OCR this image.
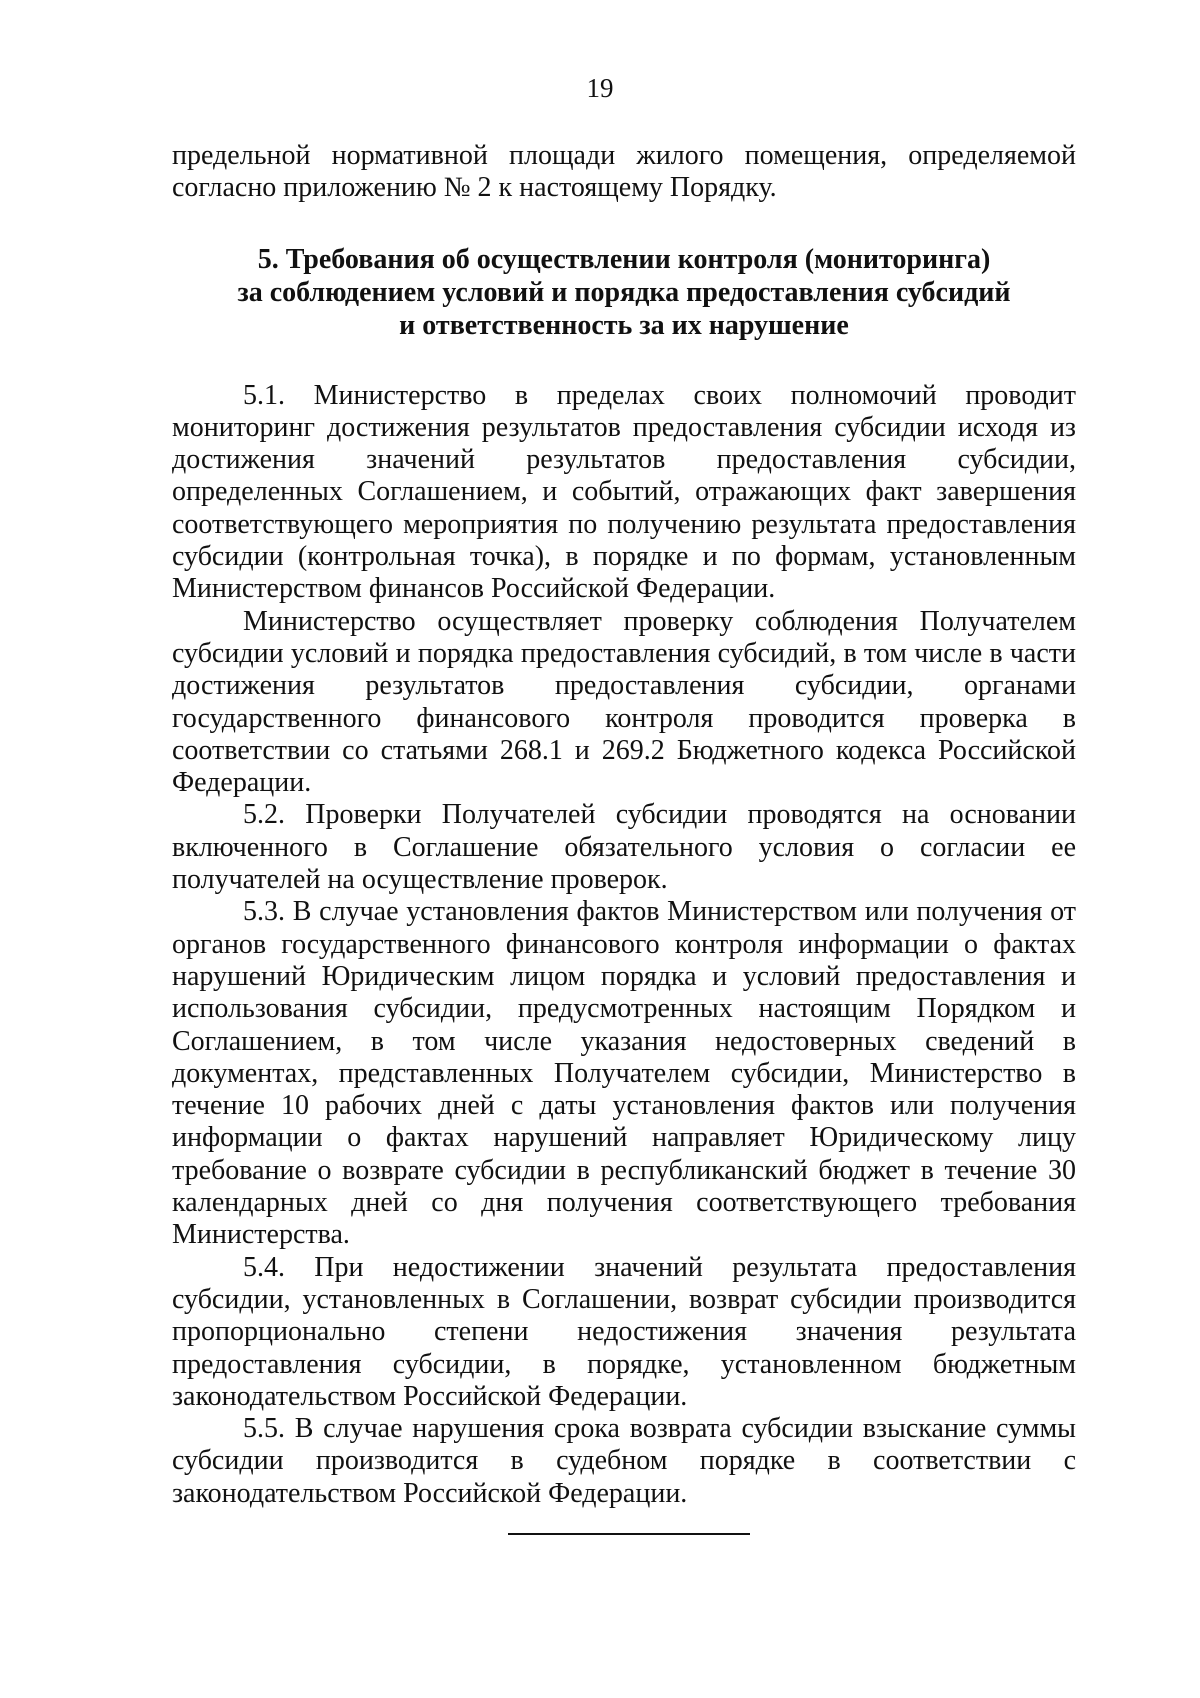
19

предельной нормативной площади жилого помещения, определяемой согласно приложению № 2 к настоящему Порядку.

5. Требования об осуществлении контроля (мониторинга)
за соблюдением условий и порядка предоставления субсидий
и ответственность за их нарушение

5.1. Министерство в пределах своих полномочий проводит мониторинг достижения результатов предоставления субсидии исходя из достижения значений результатов предоставления субсидии, определенных Соглашением, и событий, отражающих факт завершения соответствующего мероприятия по получению результата предоставления субсидии (контрольная точка), в порядке и по формам, установленным Министерством финансов Российской Федерации.

Министерство осуществляет проверку соблюдения Получателем субсидии условий и порядка предоставления субсидий, в том числе в части достижения результатов предоставления субсидии, органами государственного финансового контроля проводится проверка в соответствии со статьями 268.1 и 269.2 Бюджетного кодекса Российской Федерации.

5.2. Проверки Получателей субсидии проводятся на основании включенного в Соглашение обязательного условия о согласии ее получателей на осуществление проверок.

5.3. В случае установления фактов Министерством или получения от органов государственного финансового контроля информации о фактах нарушений Юридическим лицом порядка и условий предоставления и использования субсидии, предусмотренных настоящим Порядком и Соглашением, в том числе указания недостоверных сведений в документах, представленных Получателем субсидии, Министерство в течение 10 рабочих дней с даты установления фактов или получения информации о фактах нарушений направляет Юридическому лицу требование о возврате субсидии в республиканский бюджет в течение 30 календарных дней со дня получения соответствующего требования Министерства.

5.4. При недостижении значений результата предоставления субсидии, установленных в Соглашении, возврат субсидии производится пропорционально степени недостижения значения результата предоставления субсидии, в порядке, установленном бюджетным законодательством Российской Федерации.

5.5. В случае нарушения срока возврата субсидии взыскание суммы субсидии производится в судебном порядке в соответствии с законодательством Российской Федерации.
